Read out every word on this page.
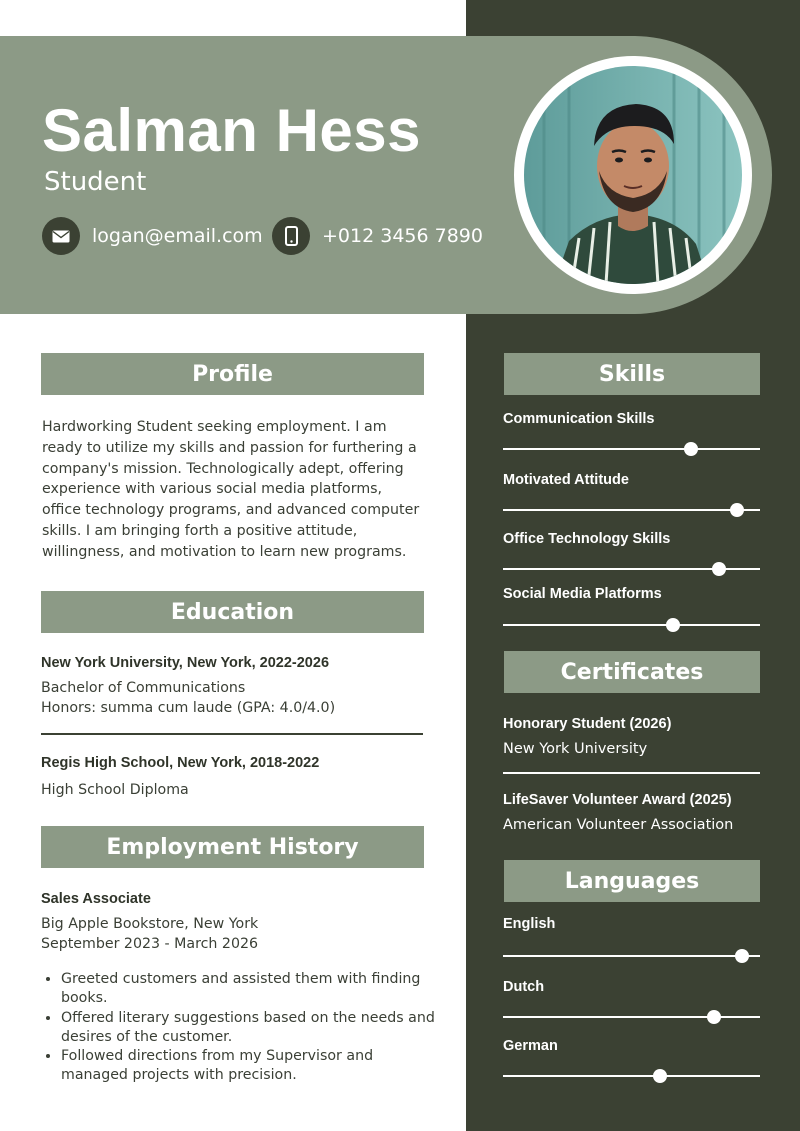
Salman Hess
Student
logan@email.com	+012 3456 7890
Profile
Hardworking Student seeking employment. I am ready to utilize my skills and passion for furthering a company's mission. Technologically adept, offering experience with various social media platforms, office technology programs, and advanced computer skills. I am bringing forth a positive attitude, willingness, and motivation to learn new programs.
Education
New York University, New York, 2022-2026
Bachelor of Communications
Honors: summa cum laude (GPA: 4.0/4.0)
Regis High School, New York, 2018-2022
High School Diploma
Employment History
Sales Associate
Big Apple Bookstore, New York
September 2023 - March 2026
• Greeted customers and assisted them with finding books.
• Offered literary suggestions based on the needs and desires of the customer.
• Followed directions from my Supervisor and managed projects with precision.
Skills
Communication Skills
Motivated Attitude
Office Technology Skills
Social Media Platforms
Certificates
Honorary Student (2026)
New York University
LifeSaver Volunteer Award (2025)
American Volunteer Association
Languages
English
Dutch
German
